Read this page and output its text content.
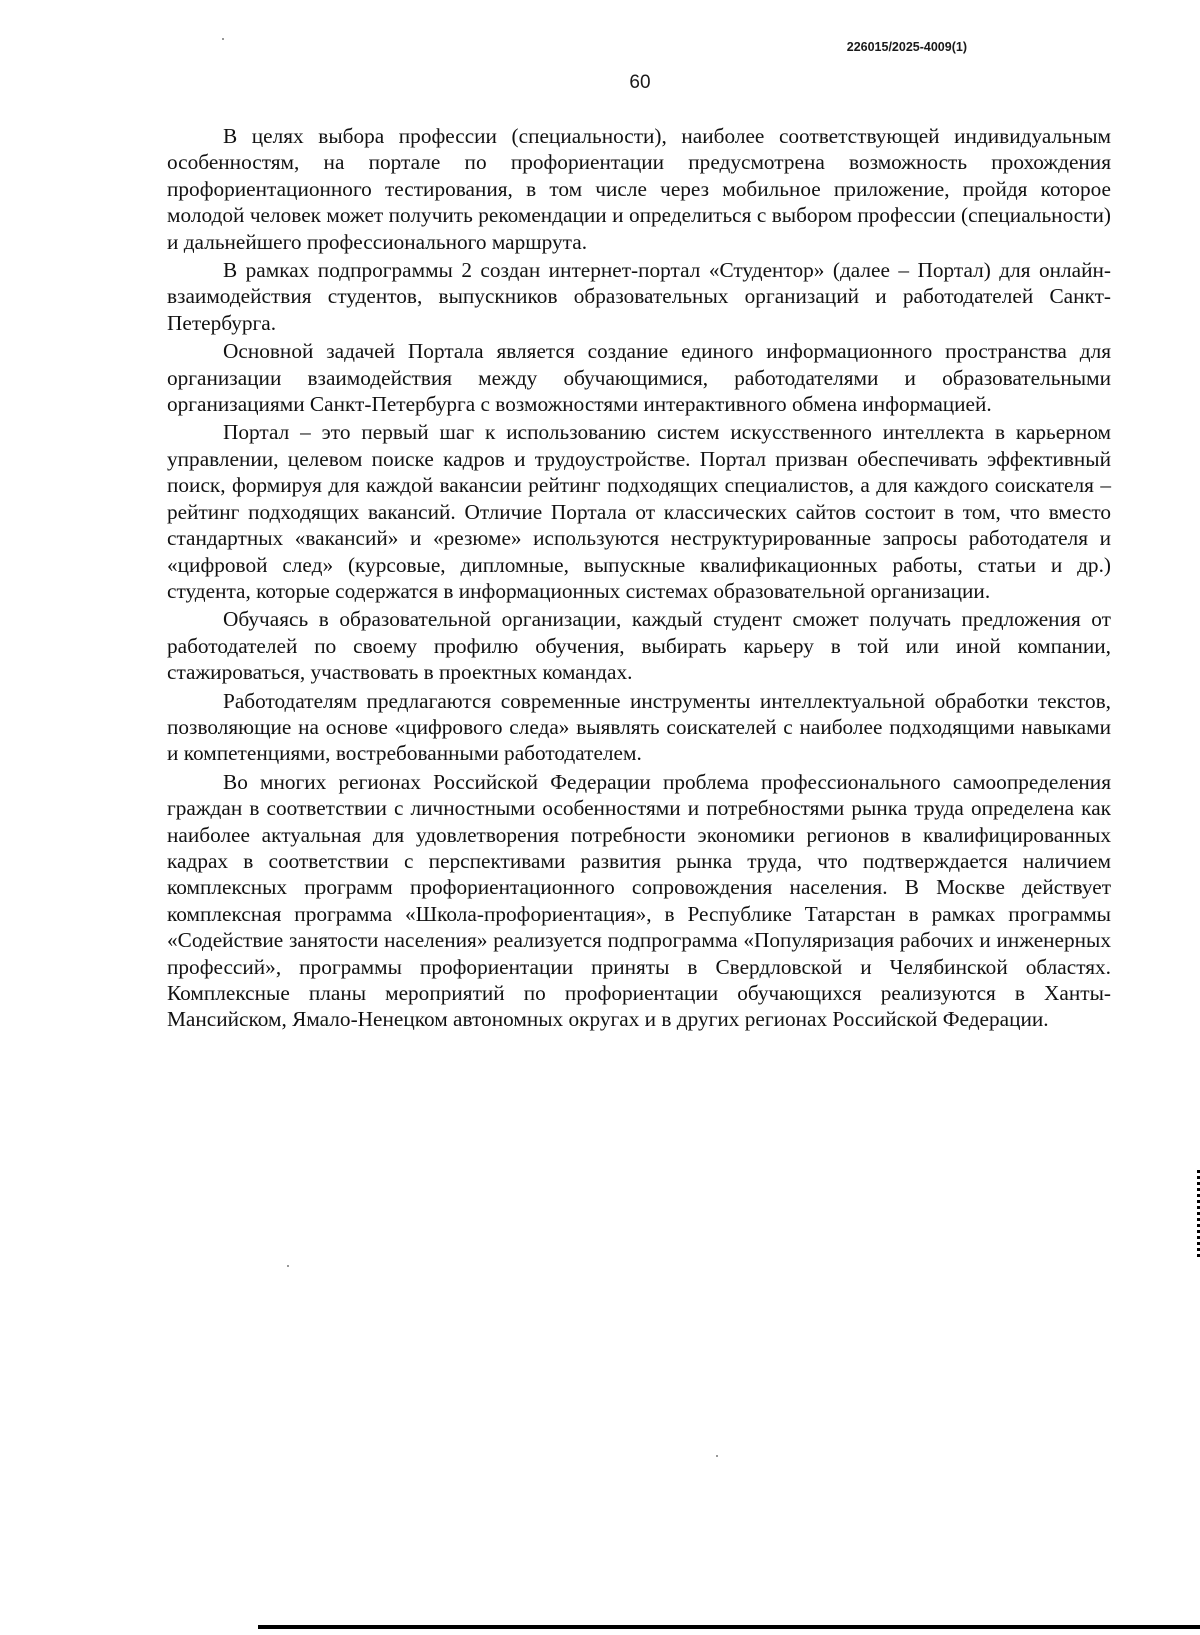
226015/2025-4009(1)
60

В целях выбора профессии (специальности), наиболее соответствующей индивидуальным особенностям, на портале по профориентации предусмотрена возможность прохождения профориентационного тестирования, в том числе через мобильное приложение, пройдя которое молодой человек может получить рекомендации и определиться с выбором профессии (специальности) и дальнейшего профессионального маршрута.

В рамках подпрограммы 2 создан интернет-портал «Студентор» (далее – Портал) для онлайн-взаимодействия студентов, выпускников образовательных организаций и работодателей Санкт-Петербурга.

Основной задачей Портала является создание единого информационного пространства для организации взаимодействия между обучающимися, работодателями и образовательными организациями Санкт-Петербурга с возможностями интерактивного обмена информацией.

Портал – это первый шаг к использованию систем искусственного интеллекта в карьерном управлении, целевом поиске кадров и трудоустройстве. Портал призван обеспечивать эффективный поиск, формируя для каждой вакансии рейтинг подходящих специалистов, а для каждого соискателя – рейтинг подходящих вакансий. Отличие Портала от классических сайтов состоит в том, что вместо стандартных «вакансий» и «резюме» используются неструктурированные запросы работодателя и «цифровой след» (курсовые, дипломные, выпускные квалификационных работы, статьи и др.) студента, которые содержатся в информационных системах образовательной организации.

Обучаясь в образовательной организации, каждый студент сможет получать предложения от работодателей по своему профилю обучения, выбирать карьеру в той или иной компании, стажироваться, участвовать в проектных командах.

Работодателям предлагаются современные инструменты интеллектуальной обработки текстов, позволяющие на основе «цифрового следа» выявлять соискателей с наиболее подходящими навыками и компетенциями, востребованными работодателем.

Во многих регионах Российской Федерации проблема профессионального самоопределения граждан в соответствии с личностными особенностями и потребностями рынка труда определена как наиболее актуальная для удовлетворения потребности экономики регионов в квалифицированных кадрах в соответствии с перспективами развития рынка труда, что подтверждается наличием комплексных программ профориентационного сопровождения населения. В Москве действует комплексная программа «Школа-профориентация», в Республике Татарстан в рамках программы «Содействие занятости населения» реализуется подпрограмма «Популяризация рабочих и инженерных профессий», программы профориентации приняты в Свердловской и Челябинской областях. Комплексные планы мероприятий по профориентации обучающихся реализуются в Ханты-Мансийском, Ямало-Ненецком автономных округах и в других регионах Российской Федерации.
